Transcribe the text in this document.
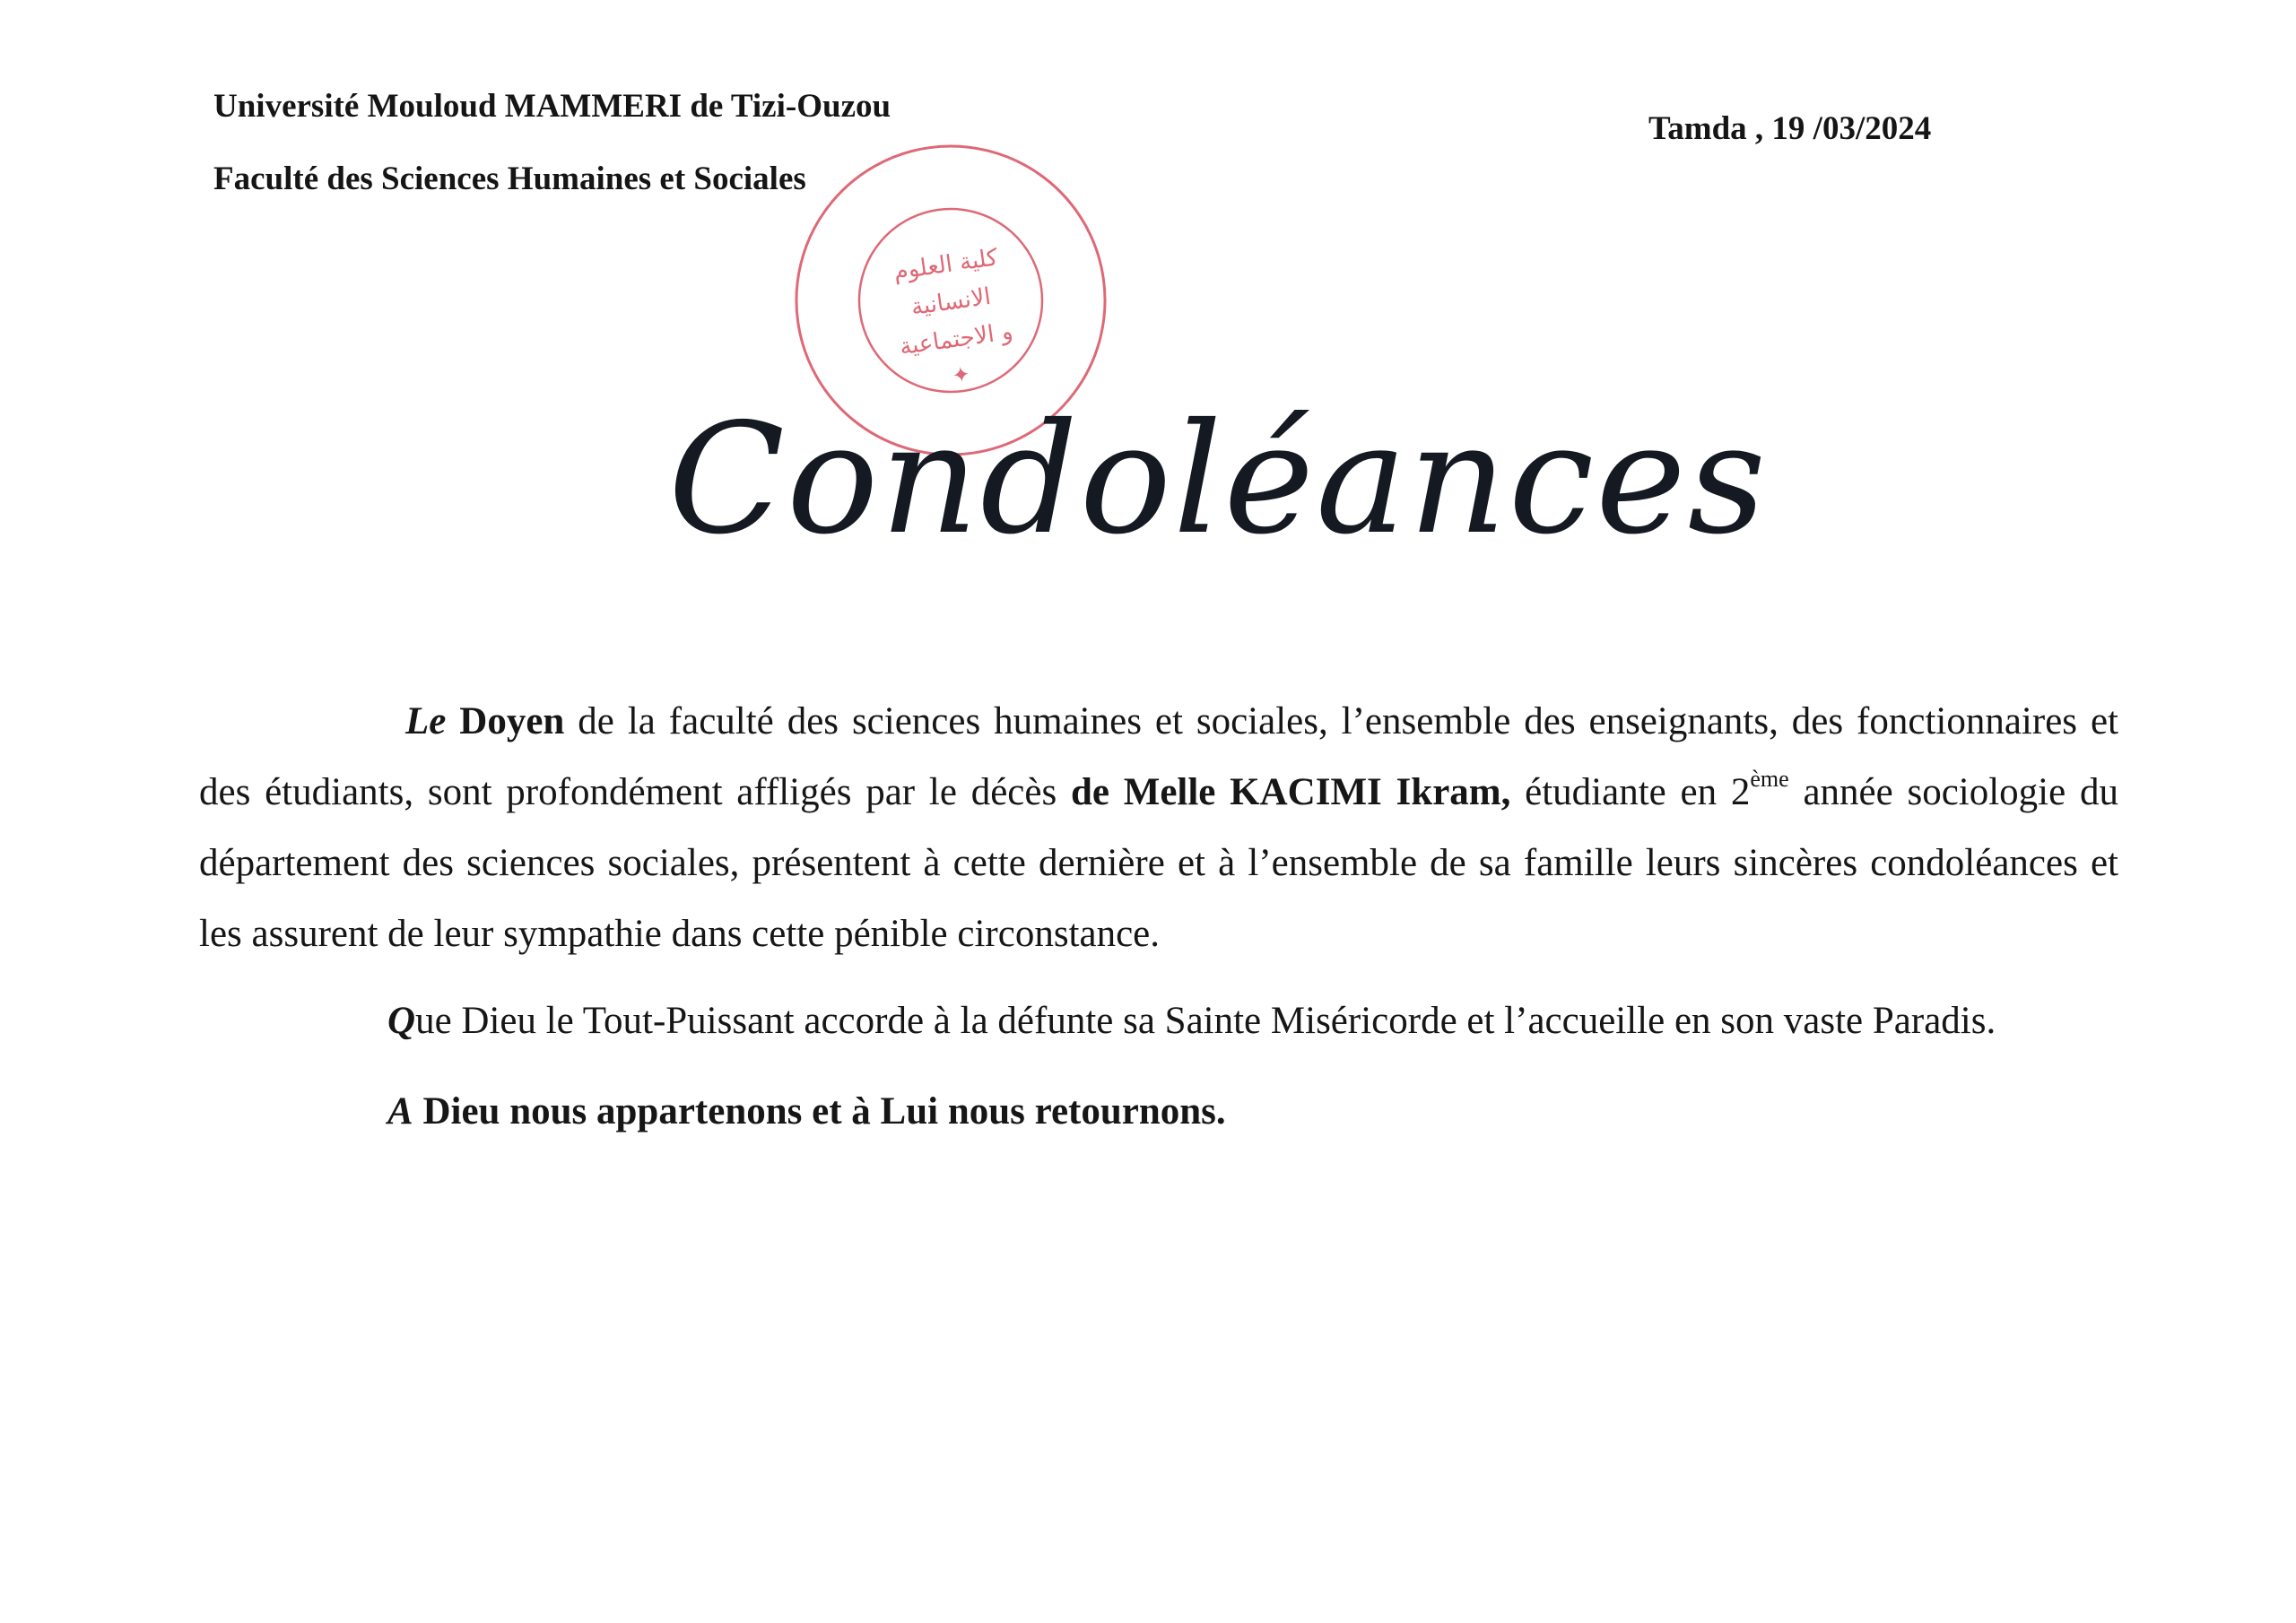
Université Mouloud MAMMERI de Tizi-Ouzou
Faculté des Sciences Humaines et Sociales
Tamda , 19 /03/2024
كلية العلوم
الانسانية
و الاجتماعية
✦
Condoléances

Le Doyen de la faculté des sciences humaines et sociales, l’ensemble des enseignants, des fonctionnaires et des étudiants, sont profondément affligés par le décès de Melle KACIMI Ikram, étudiante en 2ème année sociologie du département des sciences sociales, présentent à cette dernière et à l’ensemble de sa famille leurs sincères condoléances et les assurent de leur sympathie dans cette pénible circonstance.

Que Dieu le Tout-Puissant accorde à la défunte sa Sainte Miséricorde et l’accueille en son vaste Paradis.

A Dieu nous appartenons et à Lui nous retournons.
